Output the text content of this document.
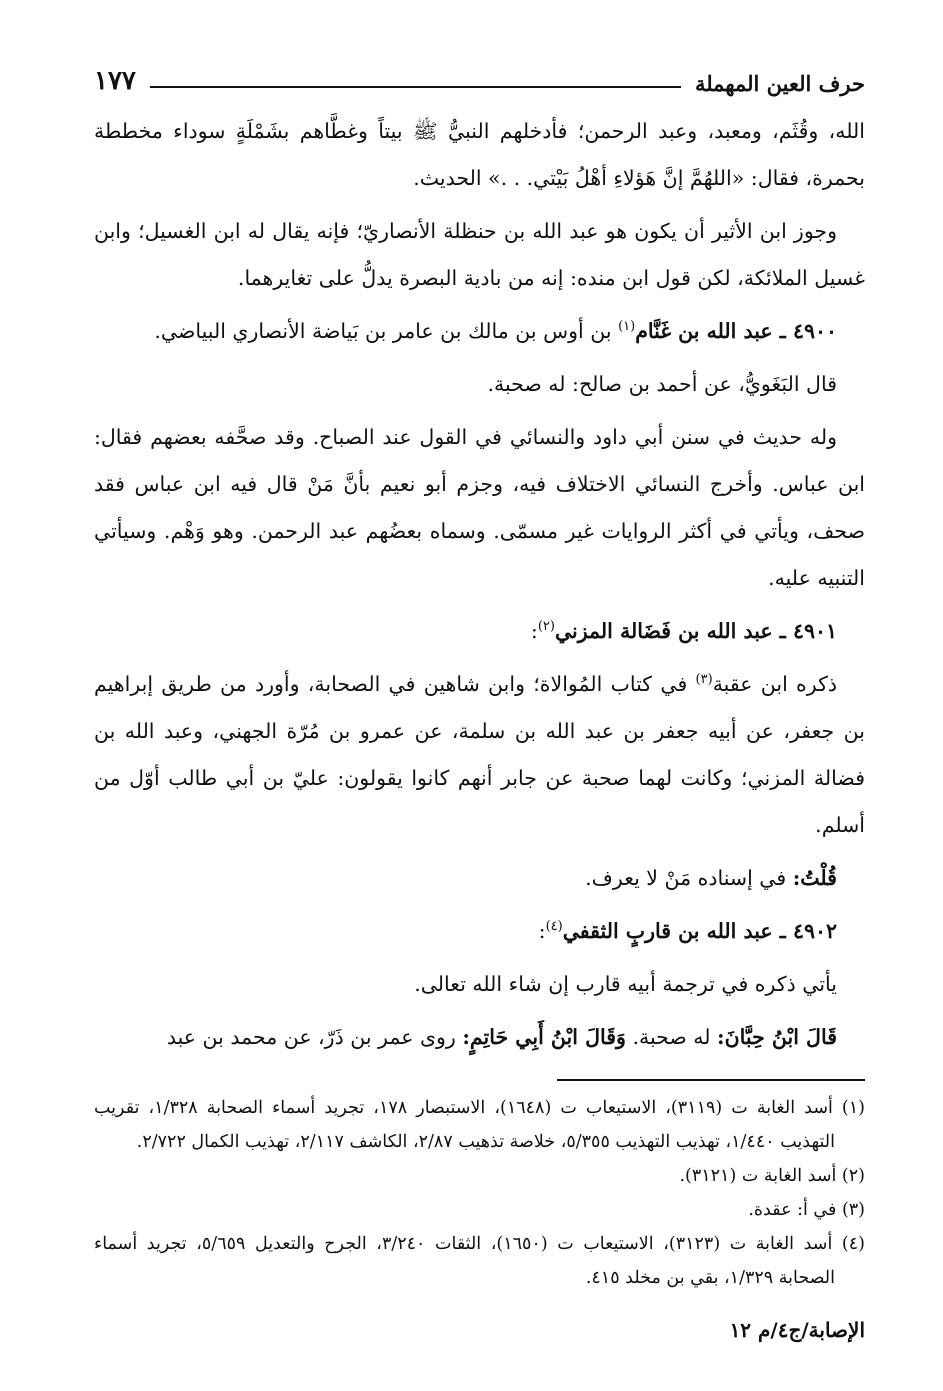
حرف العين المهملة
١٧٧

الله، وقُثَم، ومعبد، وعبد الرحمن؛ فأدخلهم النبيُّ ﷺ بيتاً وغطَّاهم بشَمْلَةٍ سوداء مخططة بحمرة، فقال: «اللهُمَّ إنَّ هَؤلاءِ أهْلُ بَيْتي. . .» الحديث.

وجوز ابن الأثير أن يكون هو عبد الله بن حنظلة الأنصاريّ؛ فإنه يقال له ابن الغسيل؛ وابن غسيل الملائكة، لكن قول ابن منده: إنه من بادية البصرة يدلُّ على تغايرهما.

٤٩٠٠ ـ عبد الله بن غَنَّام$^{(١)}$ بن أوس بن مالك بن عامر بن بَياضة الأنصاري البياضي.

قال البَغَويُّ، عن أحمد بن صالح: له صحبة.

وله حديث في سنن أبي داود والنسائي في القول عند الصباح. وقد صحَّفه بعضهم فقال: ابن عباس. وأخرج النسائي الاختلاف فيه، وجزم أبو نعيم بأنَّ مَنْ قال فيه ابن عباس فقد صحف، ويأتي في أكثر الروايات غير مسمّى. وسماه بعضُهم عبد الرحمن. وهو وَهْم. وسيأتي التنبيه عليه.

٤٩٠١ ـ عبد الله بن فَضَالة المزني$^{(٢)}$:

ذكره ابن عقبة$^{(٣)}$ في كتاب المُوالاة؛ وابن شاهين في الصحابة، وأورد من طريق إبراهيم بن جعفر، عن أبيه جعفر بن عبد الله بن سلمة، عن عمرو بن مُرّة الجهني، وعبد الله بن فضالة المزني؛ وكانت لهما صحبة عن جابر أنهم كانوا يقولون: عليّ بن أبي طالب أوّل من أسلم.

قُلْتُ: في إسناده مَنْ لا يعرف.

٤٩٠٢ ـ عبد الله بن قاربٍ الثقفي$^{(٤)}$:

يأتي ذكره في ترجمة أبيه قارب إن شاء الله تعالى.

قَالَ ابْنُ حِبَّانَ: له صحبة. وَقَالَ ابْنُ أَبِي حَاتِمٍ: روى عمر بن ذَرّ، عن محمد بن عبد

(١) أسد الغابة ت (٣١١٩)، الاستيعاب ت (١٦٤٨)، الاستبصار ١٧٨، تجريد أسماء الصحابة ١/٣٢٨، تقريب التهذيب ١/٤٤٠، تهذيب التهذيب ٥/٣٥٥، خلاصة تذهيب ٢/٨٧، الكاشف ٢/١١٧، تهذيب الكمال ٢/٧٢٢.

(٢) أسد الغابة ت (٣١٢١).

(٣) في أ: عقدة.

(٤) أسد الغابة ت (٣١٢٣)، الاستيعاب ت (١٦٥٠)، الثقات ٣/٢٤٠، الجرح والتعديل ٥/٦٥٩، تجريد أسماء الصحابة ١/٣٢٩، بقي بن مخلد ٤١٥.

الإصابة/ج٤/م ١٢
